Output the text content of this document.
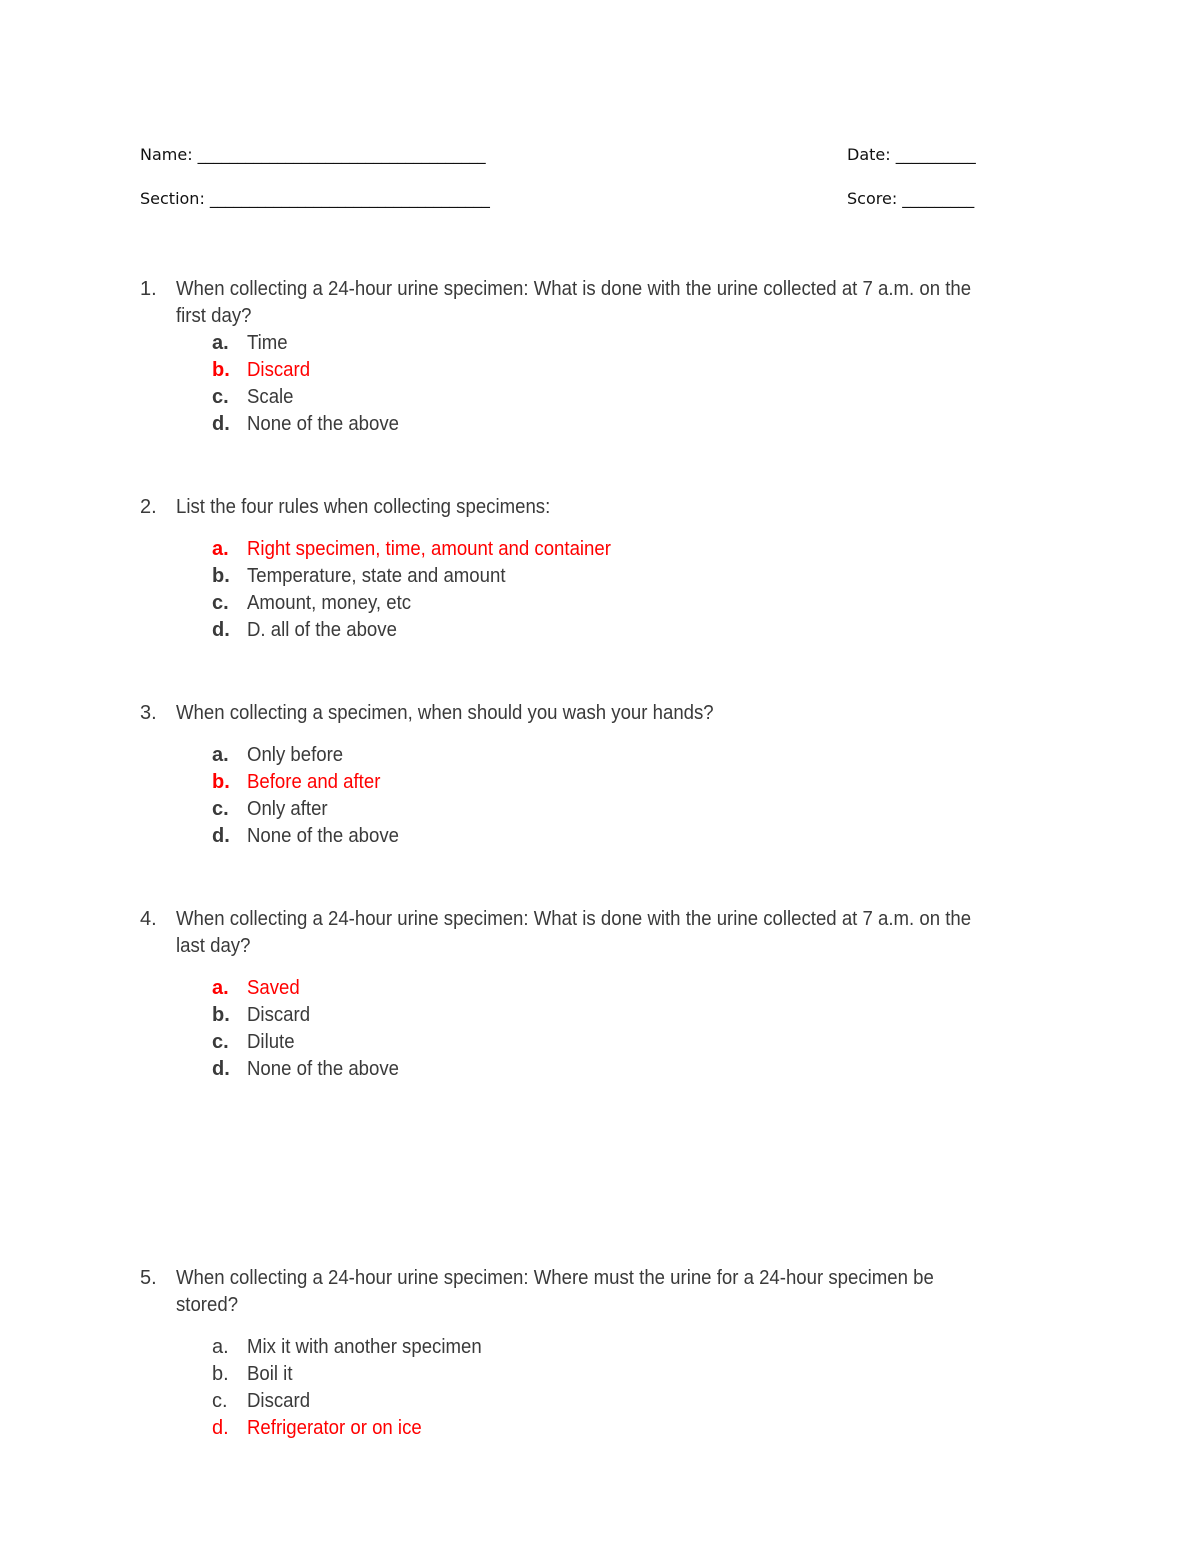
Name: ____________________________________	Date: __________
Section: ___________________________________	Score: _________
1. When collecting a 24-hour urine specimen: What is done with the urine collected at 7 a.m. on the first day?
a. Time
b. Discard
c. Scale
d. None of the above
2. List the four rules when collecting specimens:
a. Right specimen, time, amount and container
b. Temperature, state and amount
c. Amount, money, etc
d. D. all of the above
3. When collecting a specimen, when should you wash your hands?
a. Only before
b. Before and after
c. Only after
d. None of the above
4. When collecting a 24-hour urine specimen: What is done with the urine collected at 7 a.m. on the last day?
a. Saved
b. Discard
c. Dilute
d. None of the above
5. When collecting a 24-hour urine specimen: Where must the urine for a 24-hour specimen be stored?
a. Mix it with another specimen
b. Boil it
c. Discard
d. Refrigerator or on ice
